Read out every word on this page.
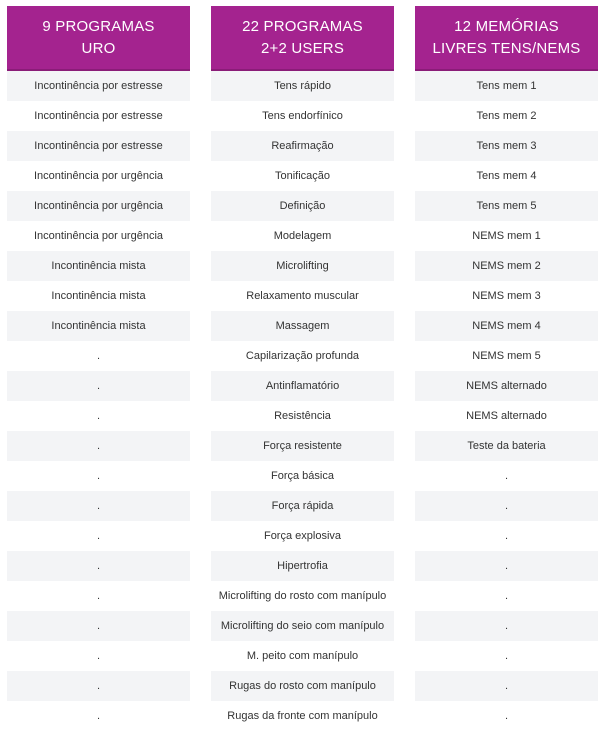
9 PROGRAMAS
URO
Incontinência por estresse
Incontinência por estresse
Incontinência por estresse
Incontinência por urgência
Incontinência por urgência
Incontinência por urgência
Incontinência mista
Incontinência mista
Incontinência mista
.
.
.
.
.
.
.
.
.
.
.
.
.
22 PROGRAMAS
2+2 USERS
Tens rápido
Tens endorfínico
Reafirmação
Tonificação
Definição
Modelagem
Microlifting
Relaxamento muscular
Massagem
Capilarização profunda
Antinflamatório
Resistência
Força resistente
Força básica
Força rápida
Força explosiva
Hipertrofia
Microlifting do rosto com manípulo
Microlifting do seio com manípulo
M. peito com manípulo
Rugas do rosto com manípulo
Rugas da fronte com manípulo
12 MEMÓRIAS
LIVRES TENS/NEMS
Tens mem 1
Tens mem 2
Tens mem 3
Tens mem 4
Tens mem 5
NEMS mem 1
NEMS mem 2
NEMS mem 3
NEMS mem 4
NEMS mem 5
NEMS alternado
NEMS alternado
Teste da bateria
.
.
.
.
.
.
.
.
.
